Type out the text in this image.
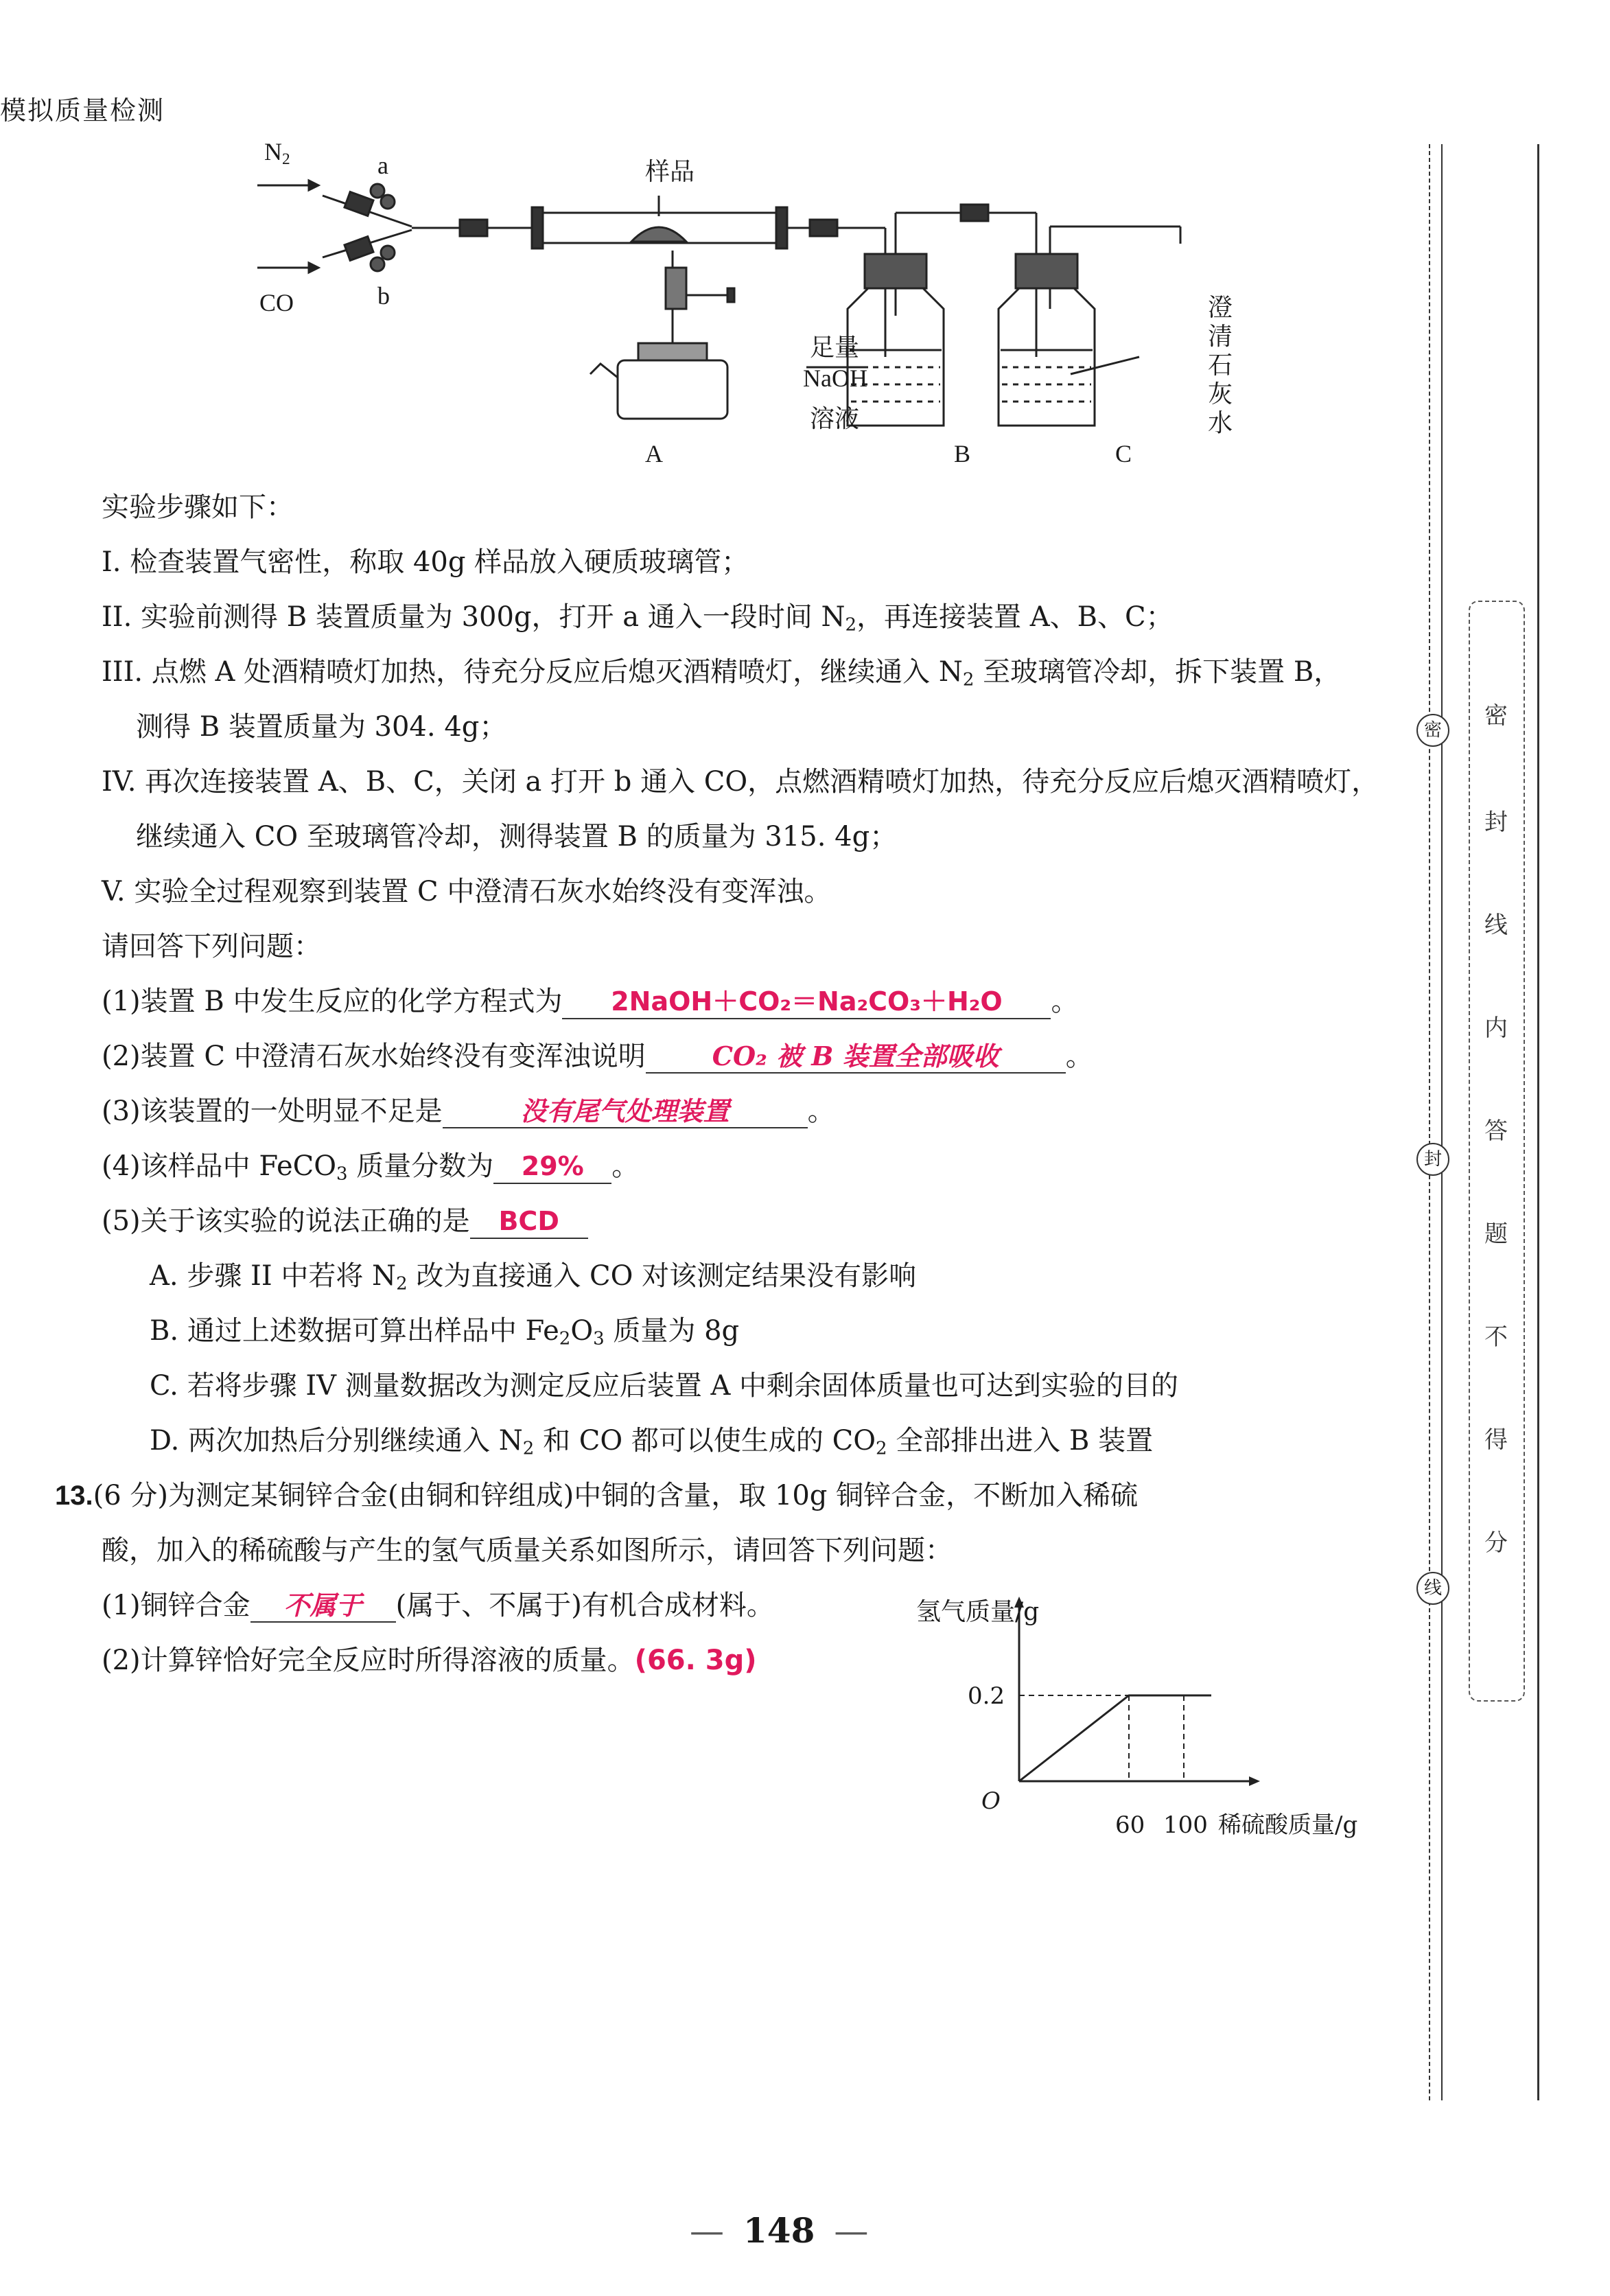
模拟质量检测
$N_2$	a
CO	b
样品
足量
NaOH
溶液
澄
清
石
灰
水
A	B	C
实验步骤如下：
I. 检查装置气密性，称取 40g 样品放入硬质玻璃管；
II. 实验前测得 B 装置质量为 300g，打开 a 通入一段时间 $N_2$，再连接装置 A、B、C；
III. 点燃 A 处酒精喷灯加热，待充分反应后熄灭酒精喷灯，继续通入 $N_2$ 至玻璃管冷却，拆下装置 B，
测得 B 装置质量为 304. 4g；
IV. 再次连接装置 A、B、C，关闭 a 打开 b 通入 CO，点燃酒精喷灯加热，待充分反应后熄灭酒精喷灯，
继续通入 CO 至玻璃管冷却，测得装置 B 的质量为 315. 4g；
V. 实验全过程观察到装置 C 中澄清石灰水始终没有变浑浊。
请回答下列问题：
(1)装置 B 中发生反应的化学方程式为 2NaOH＋CO₂＝Na₂CO₃＋H₂O 。
(2)装置 C 中澄清石灰水始终没有变浑浊说明	CO₂ 被 B 装置全部吸收 。
(3)该装置的一处明显不足是	没有尾气处理装置	。
(4)该样品中 FeCO$_3$ 质量分数为 29% 。
(5)关于该实验的说法正确的是 BCD
A. 步骤 II 中若将 $N_2$ 改为直接通入 CO 对该测定结果没有影响
B. 通过上述数据可算出样品中 $Fe_2O_3$ 质量为 8g
C. 若将步骤 IV 测量数据改为测定反应后装置 A 中剩余固体质量也可达到实验的目的
D. 两次加热后分别继续通入 $N_2$ 和 CO 都可以使生成的 $CO_2$ 全部排出进入 B 装置
13.(6 分)为测定某铜锌合金(由铜和锌组成)中铜的含量，取 10g 铜锌合金，不断加入稀硫
酸，加入的稀硫酸与产生的氢气质量关系如图所示，请回答下列问题：
(1)铜锌合金 不属于 (属于、不属于)有机合成材料。
(2)计算锌恰好完全反应时所得溶液的质量。(66. 3g)
氢气质量/g
0.2
O
60 100 稀硫酸质量/g
— 148 —
密
封
线
内
答
题
不
得
分
密
封
线
